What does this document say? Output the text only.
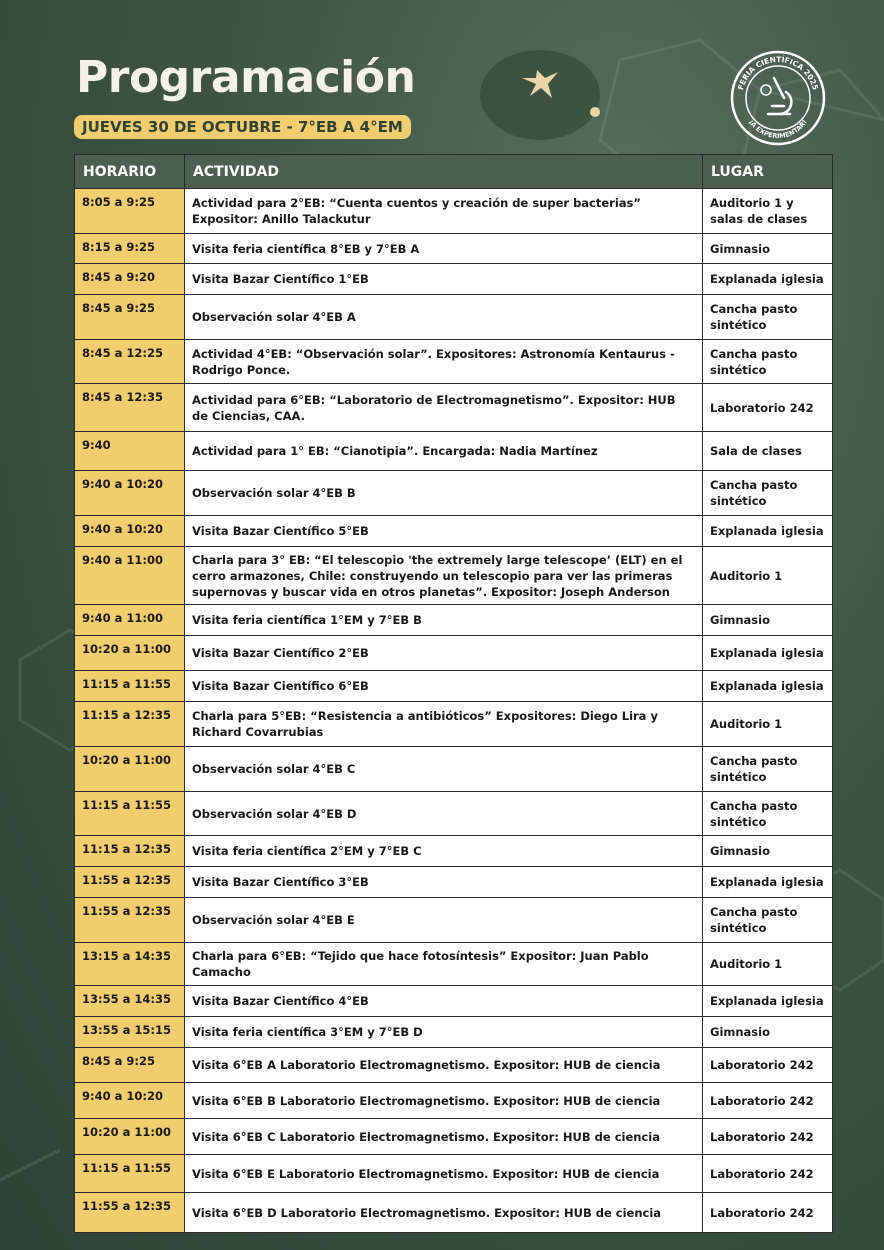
Programación
JUEVES 30 DE OCTUBRE - 7°EB A 4°EM
FERIA CIENTÍFICA 2025
¡A EXPERIMENTAR!
HORARIO	ACTIVIDAD	LUGAR
8:05 a 9:25	Actividad para 2°EB: “Cuenta cuentos y creación de super bacterias” Expositor: Anillo Talackutur	Auditorio 1 y salas de clases
8:15 a 9:25	Visita feria científica 8°EB y 7°EB A	Gimnasio
8:45 a 9:20	Visita Bazar Científico 1°EB	Explanada iglesia
8:45 a 9:25	Observación solar 4°EB A	Cancha pasto sintético
8:45 a 12:25	Actividad 4°EB: “Observación solar”. Expositores: Astronomía Kentaurus - Rodrigo Ponce.	Cancha pasto sintético
8:45 a 12:35	Actividad para 6°EB: “Laboratorio de Electromagnetismo”. Expositor: HUB de Ciencias, CAA.	Laboratorio 242
9:40	Actividad para 1° EB: “Cianotipia”. Encargada: Nadia Martínez	Sala de clases
9:40 a 10:20	Observación solar 4°EB B	Cancha pasto sintético
9:40 a 10:20	Visita Bazar Científico 5°EB	Explanada iglesia
9:40 a 11:00	Charla para 3° EB: “El telescopio 'the extremely large telescope’ (ELT) en el cerro armazones, Chile: construyendo un telescopio para ver las primeras supernovas y buscar vida en otros planetas”. Expositor: Joseph Anderson	Auditorio 1
9:40 a 11:00	Visita feria científica 1°EM y 7°EB B	Gimnasio
10:20 a 11:00	Visita Bazar Científico 2°EB	Explanada iglesia
11:15 a 11:55	Visita Bazar Científico 6°EB	Explanada iglesia
11:15 a 12:35	Charla para 5°EB: “Resistencia a antibióticos” Expositores: Diego Lira y Richard Covarrubias	Auditorio 1
10:20 a 11:00	Observación solar 4°EB C	Cancha pasto sintético
11:15 a 11:55	Observación solar 4°EB D	Cancha pasto sintético
11:15 a 12:35	Visita feria científica 2°EM y 7°EB C	Gimnasio
11:55 a 12:35	Visita Bazar Científico 3°EB	Explanada iglesia
11:55 a 12:35	Observación solar 4°EB E	Cancha pasto sintético
13:15 a 14:35	Charla para 6°EB: “Tejido que hace fotosíntesis” Expositor: Juan Pablo Camacho	Auditorio 1
13:55 a 14:35	Visita Bazar Científico 4°EB	Explanada iglesia
13:55 a 15:15	Visita feria científica 3°EM y 7°EB D	Gimnasio
8:45 a 9:25	Visita 6°EB A Laboratorio Electromagnetismo. Expositor: HUB de ciencia	Laboratorio 242
9:40 a 10:20	Visita 6°EB B Laboratorio Electromagnetismo. Expositor: HUB de ciencia	Laboratorio 242
10:20 a 11:00	Visita 6°EB C Laboratorio Electromagnetismo. Expositor: HUB de ciencia	Laboratorio 242
11:15 a 11:55	Visita 6°EB E Laboratorio Electromagnetismo. Expositor: HUB de ciencia	Laboratorio 242
11:55 a 12:35	Visita 6°EB D Laboratorio Electromagnetismo. Expositor: HUB de ciencia	Laboratorio 242
